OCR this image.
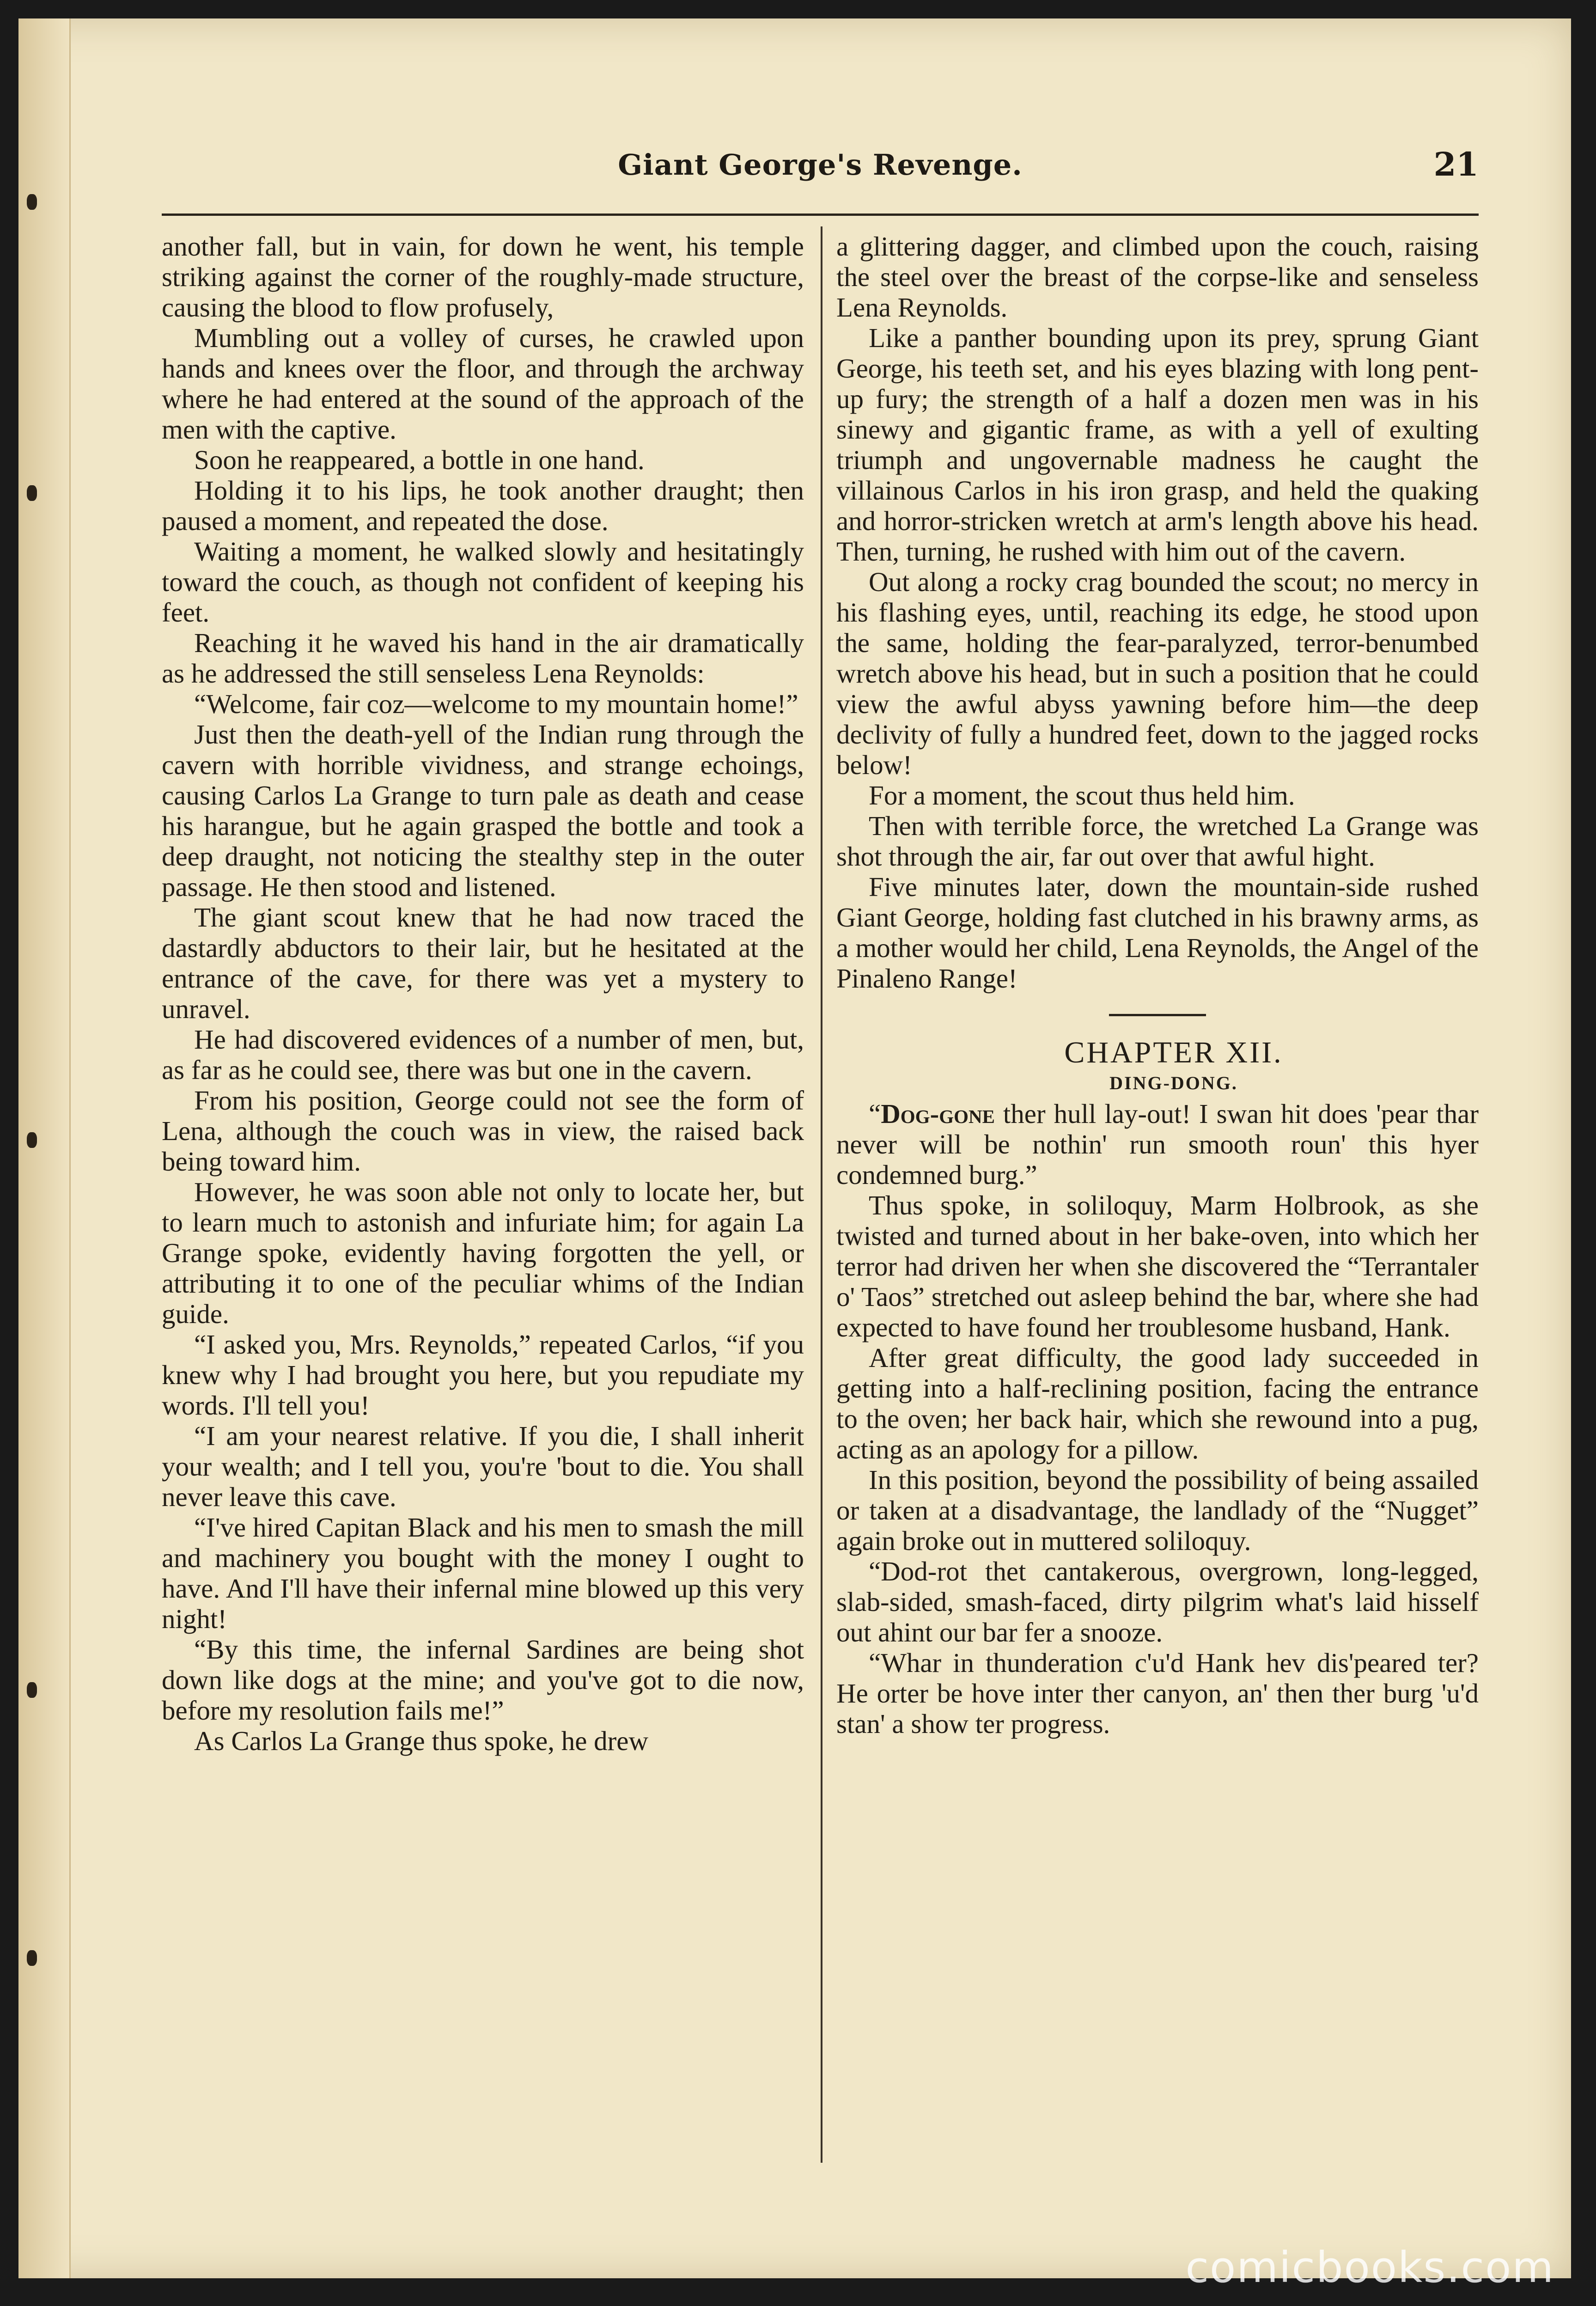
Giant George's Revenge.	21

another fall, but in vain, for down he went, his temple striking against the corner of the roughly-made structure, causing the blood to flow profusely,

Mumbling out a volley of curses, he crawled upon hands and knees over the floor, and through the archway where he had entered at the sound of the approach of the men with the captive.

Soon he reappeared, a bottle in one hand.

Holding it to his lips, he took another draught; then paused a moment, and repeated the dose.

Waiting a moment, he walked slowly and hesitatingly toward the couch, as though not confident of keeping his feet.

Reaching it he waved his hand in the air dramatically as he addressed the still senseless Lena Reynolds:

“Welcome, fair coz—welcome to my mountain home!”

Just then the death-yell of the Indian rung through the cavern with horrible vividness, and strange echoings, causing Carlos La Grange to turn pale as death and cease his harangue, but he again grasped the bottle and took a deep draught, not noticing the stealthy step in the outer passage. He then stood and listened.

The giant scout knew that he had now traced the dastardly abductors to their lair, but he hesitated at the entrance of the cave, for there was yet a mystery to unravel.

He had discovered evidences of a number of men, but, as far as he could see, there was but one in the cavern.

From his position, George could not see the form of Lena, although the couch was in view, the raised back being toward him.

However, he was soon able not only to locate her, but to learn much to astonish and infuriate him; for again La Grange spoke, evidently having forgotten the yell, or attributing it to one of the peculiar whims of the Indian guide.

“I asked you, Mrs. Reynolds,” repeated Carlos, “if you knew why I had brought you here, but you repudiate my words. I'll tell you!

“I am your nearest relative. If you die, I shall inherit your wealth; and I tell you, you're 'bout to die. You shall never leave this cave.

“I've hired Capitan Black and his men to smash the mill and machinery you bought with the money I ought to have. And I'll have their infernal mine blowed up this very night!

“By this time, the infernal Sardines are being shot down like dogs at the mine; and you've got to die now, before my resolution fails me!”

As Carlos La Grange thus spoke, he drew

a glittering dagger, and climbed upon the couch, raising the steel over the breast of the corpse-like and senseless Lena Reynolds.

Like a panther bounding upon its prey, sprung Giant George, his teeth set, and his eyes blazing with long pent-up fury; the strength of a half a dozen men was in his sinewy and gigantic frame, as with a yell of exulting triumph and ungovernable madness he caught the villainous Carlos in his iron grasp, and held the quaking and horror-stricken wretch at arm's length above his head. Then, turning, he rushed with him out of the cavern.

Out along a rocky crag bounded the scout; no mercy in his flashing eyes, until, reaching its edge, he stood upon the same, holding the fear-paralyzed, terror-benumbed wretch above his head, but in such a position that he could view the awful abyss yawning before him—the deep declivity of fully a hundred feet, down to the jagged rocks below!

For a moment, the scout thus held him.

Then with terrible force, the wretched La Grange was shot through the air, far out over that awful hight.

Five minutes later, down the mountain-side rushed Giant George, holding fast clutched in his brawny arms, as a mother would her child, Lena Reynolds, the Angel of the Pinaleno Range!

CHAPTER XII.

DING-DONG.

“Dog-gone ther hull lay-out! I swan hit does 'pear thar never will be nothin' run smooth roun' this hyer condemned burg.”

Thus spoke, in soliloquy, Marm Holbrook, as she twisted and turned about in her bake-oven, into which her terror had driven her when she discovered the “Terrantaler o' Taos” stretched out asleep behind the bar, where she had expected to have found her troublesome husband, Hank.

After great difficulty, the good lady succeeded in getting into a half-reclining position, facing the entrance to the oven; her back hair, which she rewound into a pug, acting as an apology for a pillow.

In this position, beyond the possibility of being assailed or taken at a disadvantage, the landlady of the “Nugget” again broke out in muttered soliloquy.

“Dod-rot thet cantakerous, overgrown, long-legged, slab-sided, smash-faced, dirty pilgrim what's laid hisself out ahint our bar fer a snooze.

“Whar in thunderation c'u'd Hank hev dis'peared ter? He orter be hove inter ther canyon, an' then ther burg 'u'd stan' a show ter progress.

comicbooks.com
